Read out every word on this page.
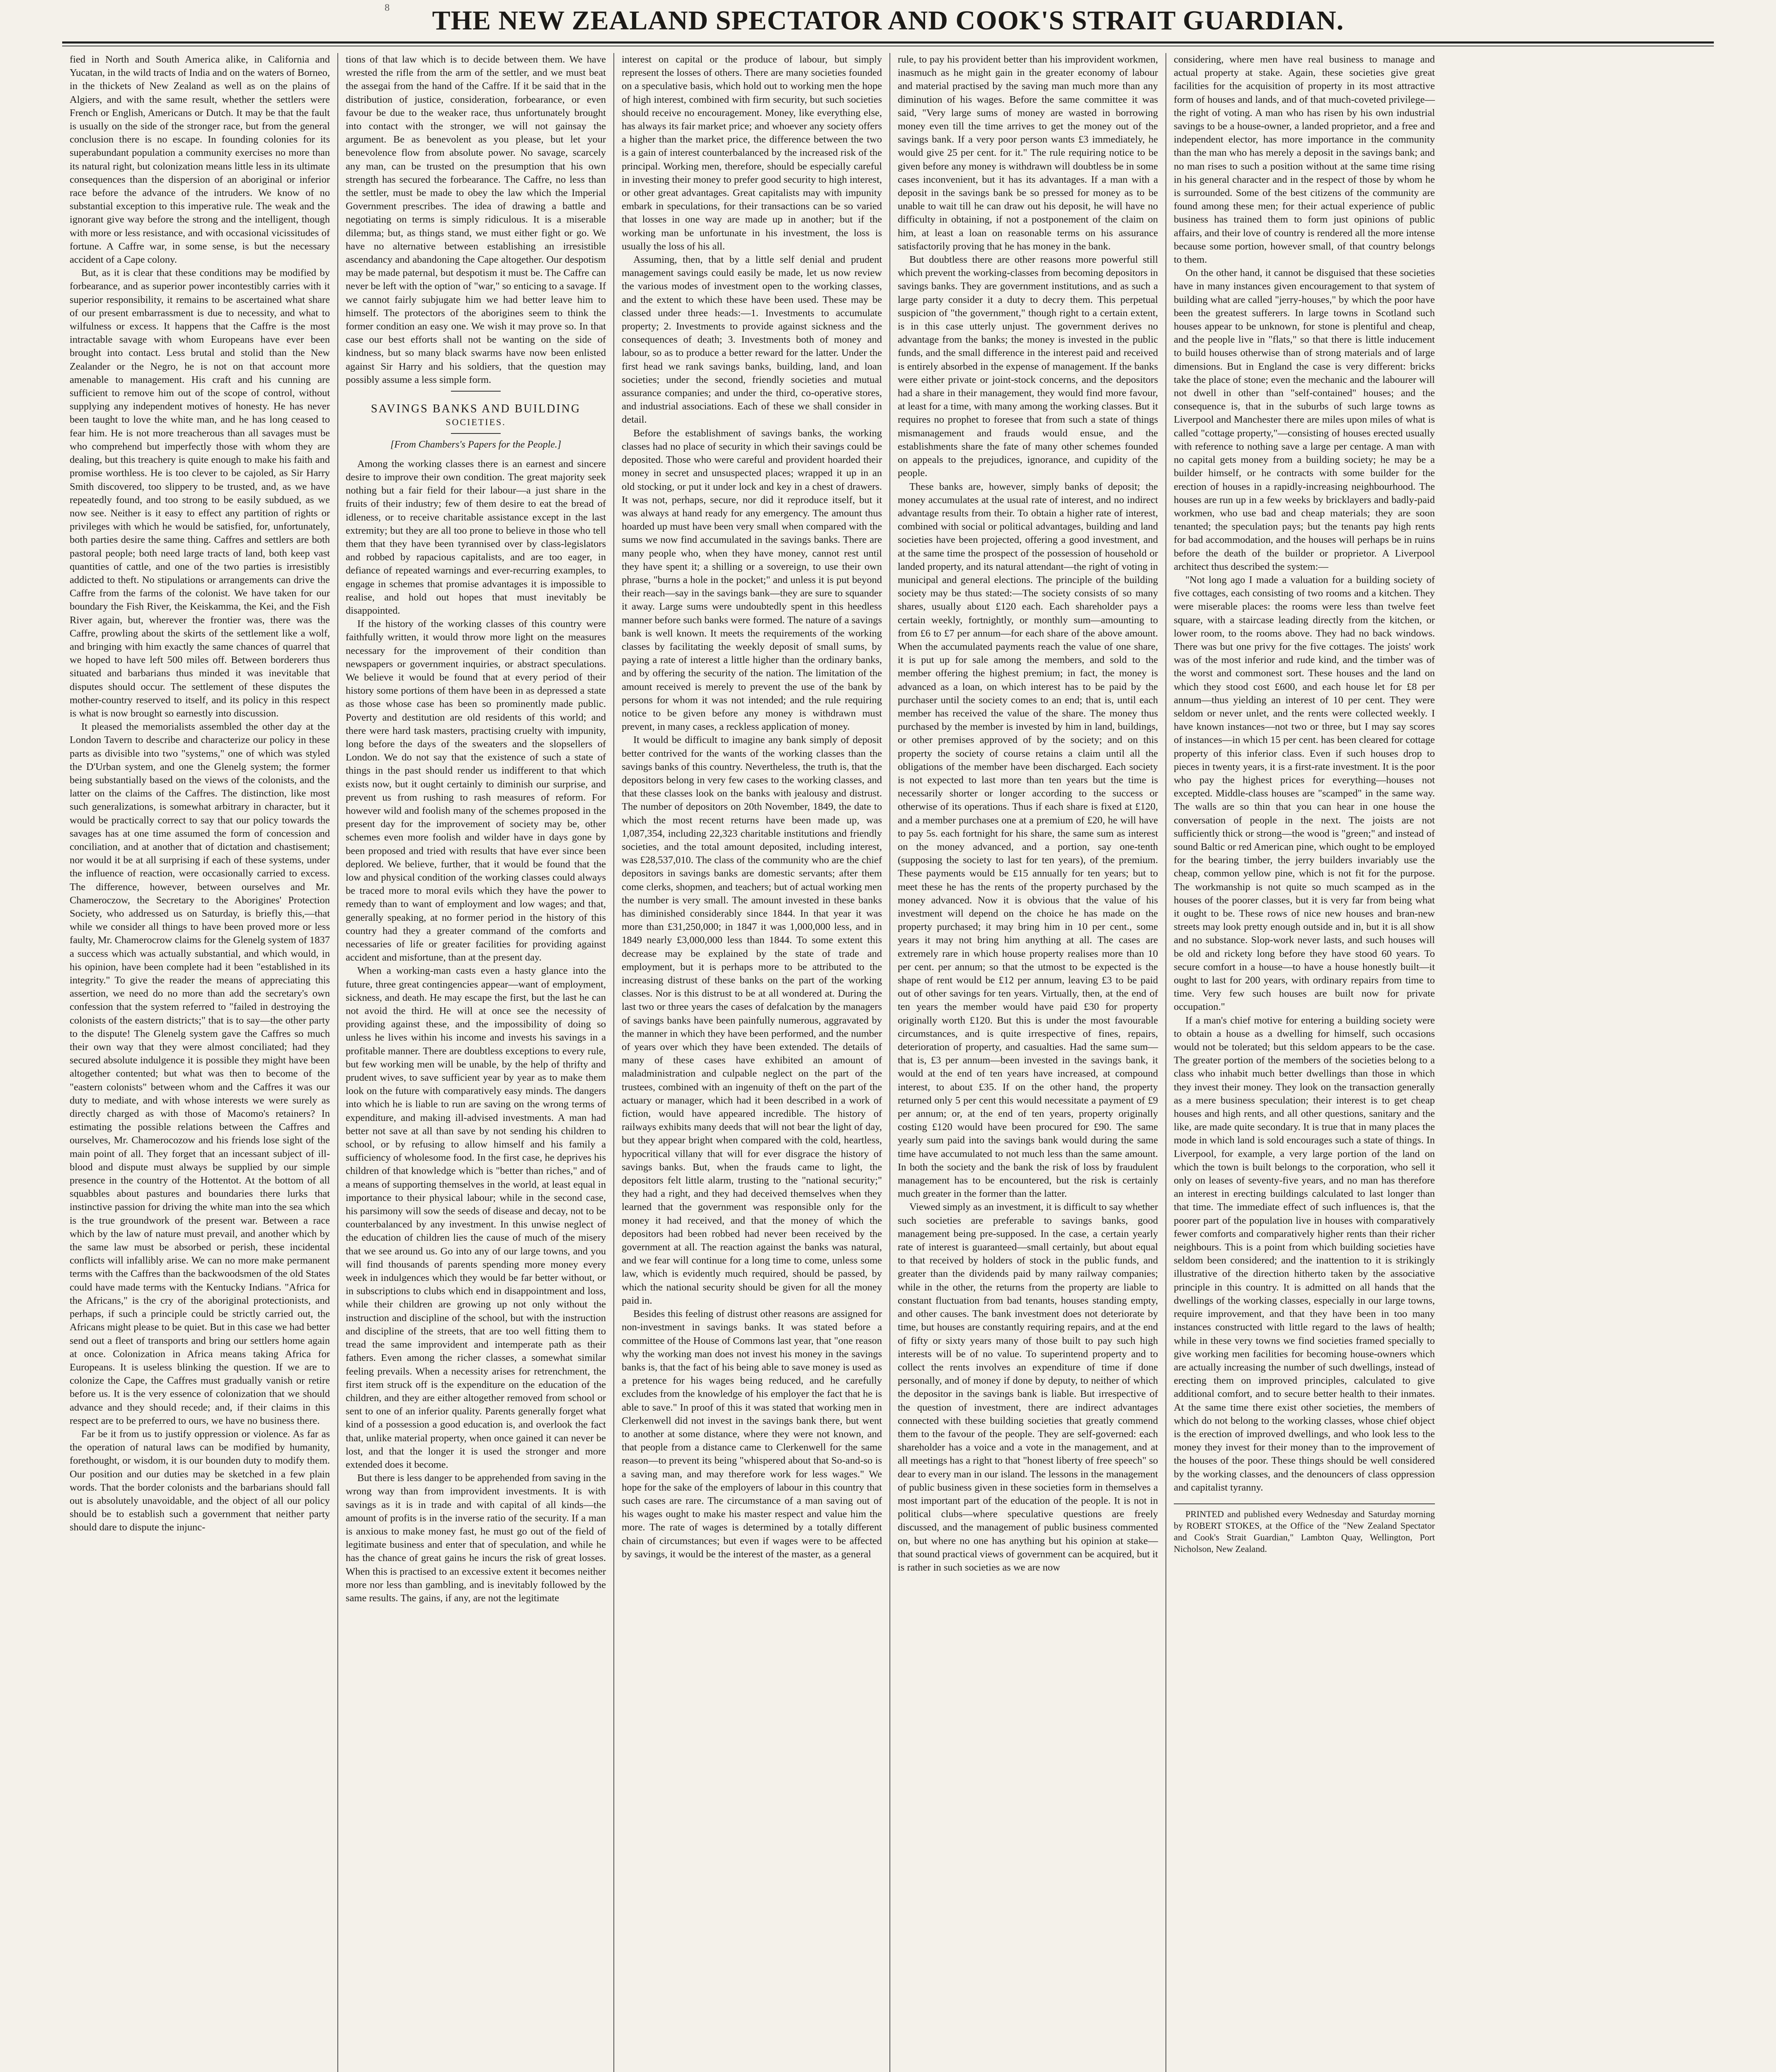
8	THE NEW ZEALAND SPECTATOR AND COOK'S STRAIT GUARDIAN.

fied in North and South America alike, in California and Yucatan, in the wild tracts of India and on the waters of Borneo, in the thickets of New Zealand as well as on the plains of Algiers, and with the same result, whether the settlers were French or English, Americans or Dutch. It may be that the fault is usually on the side of the stronger race, but from the general conclusion there is no escape. In founding colonies for its superabundant population a community exercises no more than its natural right, but colonization means little less in its ultimate consequences than the dispersion of an aboriginal or inferior race before the advance of the intruders. We know of no substantial exception to this imperative rule. The weak and the ignorant give way before the strong and the intelligent, though with more or less resistance, and with occasional vicissitudes of fortune. A Caffre war, in some sense, is but the necessary accident of a Cape colony.

But, as it is clear that these conditions may be modified by forbearance, and as superior power incontestibly carries with it superior responsibility, it remains to be ascertained what share of our present embarrassment is due to necessity, and what to wilfulness or excess. It happens that the Caffre is the most intractable savage with whom Europeans have ever been brought into contact. Less brutal and stolid than the New Zealander or the Negro, he is not on that account more amenable to management. His craft and his cunning are sufficient to remove him out of the scope of control, without supplying any independent motives of honesty. He has never been taught to love the white man, and he has long ceased to fear him. He is not more treacherous than all savages must be who comprehend but imperfectly those with whom they are dealing, but this treachery is quite enough to make his faith and promise worthless. He is too clever to be cajoled, as Sir Harry Smith discovered, too slippery to be trusted, and, as we have repeatedly found, and too strong to be easily subdued, as we now see. Neither is it easy to effect any partition of rights or privileges with which he would be satisfied, for, unfortunately, both parties desire the same thing. Caffres and settlers are both pastoral people; both need large tracts of land, both keep vast quantities of cattle, and one of the two parties is irresistibly addicted to theft. No stipulations or arrangements can drive the Caffre from the farms of the colonist. We have taken for our boundary the Fish River, the Keiskamma, the Kei, and the Fish River again, but, wherever the frontier was, there was the Caffre, prowling about the skirts of the settlement like a wolf, and bringing with him exactly the same chances of quarrel that we hoped to have left 500 miles off. Between borderers thus situated and barbarians thus minded it was inevitable that disputes should occur. The settlement of these disputes the mother-country reserved to itself, and its policy in this respect is what is now brought so earnestly into discussion.

It pleased the memorialists assembled the other day at the London Tavern to describe and characterize our policy in these parts as divisible into two "systems," one of which was styled the D'Urban system, and one the Glenelg system; the former being substantially based on the views of the colonists, and the latter on the claims of the Caffres. The distinction, like most such generalizations, is somewhat arbitrary in character, but it would be practically correct to say that our policy towards the savages has at one time assumed the form of concession and conciliation, and at another that of dictation and chastisement; nor would it be at all surprising if each of these systems, under the influence of reaction, were occasionally carried to excess. The difference, however, between ourselves and Mr. Chameroczow, the Secretary to the Aborigines' Protection Society, who addressed us on Saturday, is briefly this,—that while we consider all things to have been proved more or less faulty, Mr. Chamerocrow claims for the Glenelg system of 1837 a success which was actually substantial, and which would, in his opinion, have been complete had it been "established in its integrity." To give the reader the means of appreciating this assertion, we need do no more than add the secretary's own confession that the system referred to "failed in destroying the colonists of the eastern districts;" that is to say—the other party to the dispute! The Glenelg system gave the Caffres so much their own way that they were almost conciliated; had they secured absolute indulgence it is possible they might have been altogether contented; but what was then to become of the "eastern colonists" between whom and the Caffres it was our duty to mediate, and with whose interests we were surely as directly charged as with those of Macomo's retainers? In estimating the possible relations between the Caffres and ourselves, Mr. Chamerocozow and his friends lose sight of the main point of all. They forget that an incessant subject of ill-blood and dispute must always be supplied by our simple presence in the country of the Hottentot. At the bottom of all squabbles about pastures and boundaries there lurks that instinctive passion for driving the white man into the sea which is the true groundwork of the present war. Between a race which by the law of nature must prevail, and another which by the same law must be absorbed or perish, these incidental conflicts will infallibly arise. We can no more make permanent terms with the Caffres than the backwoodsmen of the old States could have made terms with the Kentucky Indians. "Africa for the Africans," is the cry of the aboriginal protectionists, and perhaps, if such a principle could be strictly carried out, the Africans might please to be quiet. But in this case we had better send out a fleet of transports and bring our settlers home again at once. Colonization in Africa means taking Africa for Europeans. It is useless blinking the question. If we are to colonize the Cape, the Caffres must gradually vanish or retire before us. It is the very essence of colonization that we should advance and they should recede; and, if their claims in this respect are to be preferred to ours, we have no business there.

Far be it from us to justify oppression or violence. As far as the operation of natural laws can be modified by humanity, forethought, or wisdom, it is our bounden duty to modify them. Our position and our duties may be sketched in a few plain words. That the border colonists and the barbarians should fall out is absolutely unavoidable, and the object of all our policy should be to establish such a government that neither party should dare to dispute the injunc-

tions of that law which is to decide between them. We have wrested the rifle from the arm of the settler, and we must beat the assegai from the hand of the Caffre. If it be said that in the distribution of justice, consideration, forbearance, or even favour be due to the weaker race, thus unfortunately brought into contact with the stronger, we will not gainsay the argument. Be as benevolent as you please, but let your benevolence flow from absolute power. No savage, scarcely any man, can be trusted on the presumption that his own strength has secured the forbearance. The Caffre, no less than the settler, must be made to obey the law which the Imperial Government prescribes. The idea of drawing a battle and negotiating on terms is simply ridiculous. It is a miserable dilemma; but, as things stand, we must either fight or go. We have no alternative between establishing an irresistible ascendancy and abandoning the Cape altogether. Our despotism may be made paternal, but despotism it must be. The Caffre can never be left with the option of "war," so enticing to a savage. If we cannot fairly subjugate him we had better leave him to himself. The protectors of the aborigines seem to think the former condition an easy one. We wish it may prove so. In that case our best efforts shall not be wanting on the side of kindness, but so many black swarms have now been enlisted against Sir Harry and his soldiers, that the question may possibly assume a less simple form.

SAVINGS BANKS AND BUILDING
SOCIETIES.
[From Chambers's Papers for the People.]

Among the working classes there is an earnest and sincere desire to improve their own condition. The great majority seek nothing but a fair field for their labour—a just share in the fruits of their industry; few of them desire to eat the bread of idleness, or to receive charitable assistance except in the last extremity; but they are all too prone to believe in those who tell them that they have been tyrannised over by class-legislators and robbed by rapacious capitalists, and are too eager, in defiance of repeated warnings and ever-recurring examples, to engage in schemes that promise advantages it is impossible to realise, and hold out hopes that must inevitably be disappointed.

If the history of the working classes of this country were faithfully written, it would throw more light on the measures necessary for the improvement of their condition than newspapers or government inquiries, or abstract speculations. We believe it would be found that at every period of their history some portions of them have been in as depressed a state as those whose case has been so prominently made public. Poverty and destitution are old residents of this world; and there were hard task masters, practising cruelty with impunity, long before the days of the sweaters and the slopsellers of London. We do not say that the existence of such a state of things in the past should render us indifferent to that which exists now, but it ought certainly to diminish our surprise, and prevent us from rushing to rash measures of reform. For however wild and foolish many of the schemes proposed in the present day for the improvement of society may be, other schemes even more foolish and wilder have in days gone by been proposed and tried with results that have ever since been deplored. We believe, further, that it would be found that the low and physical condition of the working classes could always be traced more to moral evils which they have the power to remedy than to want of employment and low wages; and that, generally speaking, at no former period in the history of this country had they a greater command of the comforts and necessaries of life or greater facilities for providing against accident and misfortune, than at the present day.

When a working-man casts even a hasty glance into the future, three great contingencies appear—want of employment, sickness, and death. He may escape the first, but the last he can not avoid the third. He will at once see the necessity of providing against these, and the impossibility of doing so unless he lives within his income and invests his savings in a profitable manner. There are doubtless exceptions to every rule, but few working men will be unable, by the help of thrifty and prudent wives, to save sufficient year by year as to make them look on the future with comparatively easy minds. The dangers into which he is liable to run are saving on the wrong terms of expenditure, and making ill-advised investments. A man had better not save at all than save by not sending his children to school, or by refusing to allow himself and his family a sufficiency of wholesome food. In the first case, he deprives his children of that knowledge which is "better than riches," and of a means of supporting themselves in the world, at least equal in importance to their physical labour; while in the second case, his parsimony will sow the seeds of disease and decay, not to be counterbalanced by any investment. In this unwise neglect of the education of children lies the cause of much of the misery that we see around us. Go into any of our large towns, and you will find thousands of parents spending more money every week in indulgences which they would be far better without, or in subscriptions to clubs which end in disappointment and loss, while their children are growing up not only without the instruction and discipline of the school, but with the instruction and discipline of the streets, that are too well fitting them to tread the same improvident and intemperate path as their fathers. Even among the richer classes, a somewhat similar feeling prevails. When a necessity arises for retrenchment, the first item struck off is the expenditure on the education of the children, and they are either altogether removed from school or sent to one of an inferior quality. Parents generally forget what kind of a possession a good education is, and overlook the fact that, unlike material property, when once gained it can never be lost, and that the longer it is used the stronger and more extended does it become.

But there is less danger to be apprehended from saving in the wrong way than from improvident investments. It is with savings as it is in trade and with capital of all kinds—the amount of profits is in the inverse ratio of the security. If a man is anxious to make money fast, he must go out of the field of legitimate business and enter that of speculation, and while he has the chance of great gains he incurs the risk of great losses. When this is practised to an excessive extent it becomes neither more nor less than gambling, and is inevitably followed by the same results. The gains, if any, are not the legitimate

interest on capital or the produce of labour, but simply represent the losses of others. There are many societies founded on a speculative basis, which hold out to working men the hope of high interest, combined with firm security, but such societies should receive no encouragement. Money, like everything else, has always its fair market price; and whoever any society offers a higher than the market price, the difference between the two is a gain of interest counterbalanced by the increased risk of the principal. Working men, therefore, should be especially careful in investing their money to prefer good security to high interest, or other great advantages. Great capitalists may with impunity embark in speculations, for their transactions can be so varied that losses in one way are made up in another; but if the working man be unfortunate in his investment, the loss is usually the loss of his all.

Assuming, then, that by a little self denial and prudent management savings could easily be made, let us now review the various modes of investment open to the working classes, and the extent to which these have been used. These may be classed under three heads:—1. Investments to accumulate property; 2. Investments to provide against sickness and the consequences of death; 3. Investments both of money and labour, so as to produce a better reward for the latter. Under the first head we rank savings banks, building, land, and loan societies; under the second, friendly societies and mutual assurance companies; and under the third, co-operative stores, and industrial associations. Each of these we shall consider in detail.

Before the establishment of savings banks, the working classes had no place of security in which their savings could be deposited. Those who were careful and provident hoarded their money in secret and unsuspected places; wrapped it up in an old stocking, or put it under lock and key in a chest of drawers. It was not, perhaps, secure, nor did it reproduce itself, but it was always at hand ready for any emergency. The amount thus hoarded up must have been very small when compared with the sums we now find accumulated in the savings banks. There are many people who, when they have money, cannot rest until they have spent it; a shilling or a sovereign, to use their own phrase, "burns a hole in the pocket;" and unless it is put beyond their reach—say in the savings bank—they are sure to squander it away. Large sums were undoubtedly spent in this heedless manner before such banks were formed. The nature of a savings bank is well known. It meets the requirements of the working classes by facilitating the weekly deposit of small sums, by paying a rate of interest a little higher than the ordinary banks, and by offering the security of the nation. The limitation of the amount received is merely to prevent the use of the bank by persons for whom it was not intended; and the rule requiring notice to be given before any money is withdrawn must prevent, in many cases, a reckless application of money.

It would be difficult to imagine any bank simply of deposit better contrived for the wants of the working classes than the savings banks of this country. Nevertheless, the truth is, that the depositors belong in very few cases to the working classes, and that these classes look on the banks with jealousy and distrust. The number of depositors on 20th November, 1849, the date to which the most recent returns have been made up, was 1,087,354, including 22,323 charitable institutions and friendly societies, and the total amount deposited, including interest, was £28,537,010. The class of the community who are the chief depositors in savings banks are domestic servants; after them come clerks, shopmen, and teachers; but of actual working men the number is very small. The amount invested in these banks has diminished considerably since 1844. In that year it was more than £31,250,000; in 1847 it was 1,000,000 less, and in 1849 nearly £3,000,000 less than 1844. To some extent this decrease may be explained by the state of trade and employment, but it is perhaps more to be attributed to the increasing distrust of these banks on the part of the working classes. Nor is this distrust to be at all wondered at. During the last two or three years the cases of defalcation by the managers of savings banks have been painfully numerous, aggravated by the manner in which they have been performed, and the number of years over which they have been extended. The details of many of these cases have exhibited an amount of maladministration and culpable neglect on the part of the trustees, combined with an ingenuity of theft on the part of the actuary or manager, which had it been described in a work of fiction, would have appeared incredible. The history of railways exhibits many deeds that will not bear the light of day, but they appear bright when compared with the cold, heartless, hypocritical villany that will for ever disgrace the history of savings banks. But, when the frauds came to light, the depositors felt little alarm, trusting to the "national security;" they had a right, and they had deceived themselves when they learned that the government was responsible only for the money it had received, and that the money of which the depositors had been robbed had never been received by the government at all. The reaction against the banks was natural, and we fear will continue for a long time to come, unless some law, which is evidently much required, should be passed, by which the national security should be given for all the money paid in.

Besides this feeling of distrust other reasons are assigned for non-investment in savings banks. It was stated before a committee of the House of Commons last year, that "one reason why the working man does not invest his money in the savings banks is, that the fact of his being able to save money is used as a pretence for his wages being reduced, and he carefully excludes from the knowledge of his employer the fact that he is able to save." In proof of this it was stated that working men in Clerkenwell did not invest in the savings bank there, but went to another at some distance, where they were not known, and that people from a distance came to Clerkenwell for the same reason—to prevent its being "whispered about that So-and-so is a saving man, and may therefore work for less wages." We hope for the sake of the employers of labour in this country that such cases are rare. The circumstance of a man saving out of his wages ought to make his master respect and value him the more. The rate of wages is determined by a totally different chain of circumstances; but even if wages were to be affected by savings, it would be the interest of the master, as a general

rule, to pay his provident better than his improvident workmen, inasmuch as he might gain in the greater economy of labour and material practised by the saving man much more than any diminution of his wages. Before the same committee it was said, "Very large sums of money are wasted in borrowing money even till the time arrives to get the money out of the savings bank. If a very poor person wants £3 immediately, he would give 25 per cent. for it." The rule requiring notice to be given before any money is withdrawn will doubtless be in some cases inconvenient, but it has its advantages. If a man with a deposit in the savings bank be so pressed for money as to be unable to wait till he can draw out his deposit, he will have no difficulty in obtaining, if not a postponement of the claim on him, at least a loan on reasonable terms on his assurance satisfactorily proving that he has money in the bank.

But doubtless there are other reasons more powerful still which prevent the working-classes from becoming depositors in savings banks. They are government institutions, and as such a large party consider it a duty to decry them. This perpetual suspicion of "the government," though right to a certain extent, is in this case utterly unjust. The government derives no advantage from the banks; the money is invested in the public funds, and the small difference in the interest paid and received is entirely absorbed in the expense of management. If the banks were either private or joint-stock concerns, and the depositors had a share in their management, they would find more favour, at least for a time, with many among the working classes. But it requires no prophet to foresee that from such a state of things mismanagement and frauds would ensue, and the establishments share the fate of many other schemes founded on appeals to the prejudices, ignorance, and cupidity of the people.

These banks are, however, simply banks of deposit; the money accumulates at the usual rate of interest, and no indirect advantage results from their. To obtain a higher rate of interest, combined with social or political advantages, building and land societies have been projected, offering a good investment, and at the same time the prospect of the possession of household or landed property, and its natural attendant—the right of voting in municipal and general elections. The principle of the building society may be thus stated:—The society consists of so many shares, usually about £120 each. Each shareholder pays a certain weekly, fortnightly, or monthly sum—amounting to from £6 to £7 per annum—for each share of the above amount. When the accumulated payments reach the value of one share, it is put up for sale among the members, and sold to the member offering the highest premium; in fact, the money is advanced as a loan, on which interest has to be paid by the purchaser until the society comes to an end; that is, until each member has received the value of the share. The money thus purchased by the member is invested by him in land, buildings, or other premises approved of by the society; and on this property the society of course retains a claim until all the obligations of the member have been discharged. Each society is not expected to last more than ten years but the time is necessarily shorter or longer according to the success or otherwise of its operations. Thus if each share is fixed at £120, and a member purchases one at a premium of £20, he will have to pay 5s. each fortnight for his share, the same sum as interest on the money advanced, and a portion, say one-tenth (supposing the society to last for ten years), of the premium. These payments would be £15 annually for ten years; but to meet these he has the rents of the property purchased by the money advanced. Now it is obvious that the value of his investment will depend on the choice he has made on the property purchased; it may bring him in 10 per cent., some years it may not bring him anything at all. The cases are extremely rare in which house property realises more than 10 per cent. per annum; so that the utmost to be expected is the shape of rent would be £12 per annum, leaving £3 to be paid out of other savings for ten years. Virtually, then, at the end of ten years the member would have paid £30 for property originally worth £120. But this is under the most favourable circumstances, and is quite irrespective of fines, repairs, deterioration of property, and casualties. Had the same sum—that is, £3 per annum—been invested in the savings bank, it would at the end of ten years have increased, at compound interest, to about £35. If on the other hand, the property returned only 5 per cent this would necessitate a payment of £9 per annum; or, at the end of ten years, property originally costing £120 would have been procured for £90. The same yearly sum paid into the savings bank would during the same time have accumulated to not much less than the same amount. In both the society and the bank the risk of loss by fraudulent management has to be encountered, but the risk is certainly much greater in the former than the latter.

Viewed simply as an investment, it is difficult to say whether such societies are preferable to savings banks, good management being pre-supposed. In the case, a certain yearly rate of interest is guaranteed—small certainly, but about equal to that received by holders of stock in the public funds, and greater than the dividends paid by many railway companies; while in the other, the returns from the property are liable to constant fluctuation from bad tenants, houses standing empty, and other causes. The bank investment does not deteriorate by time, but houses are constantly requiring repairs, and at the end of fifty or sixty years many of those built to pay such high interests will be of no value. To superintend property and to collect the rents involves an expenditure of time if done personally, and of money if done by deputy, to neither of which the depositor in the savings bank is liable. But irrespective of the question of investment, there are indirect advantages connected with these building societies that greatly commend them to the favour of the people. They are self-governed: each shareholder has a voice and a vote in the management, and at all meetings has a right to that "honest liberty of free speech" so dear to every man in our island. The lessons in the management of public business given in these societies form in themselves a most important part of the education of the people. It is not in political clubs—where speculative questions are freely discussed, and the management of public business commented on, but where no one has anything but his opinion at stake—that sound practical views of government can be acquired, but it is rather in such societies as we are now

considering, where men have real business to manage and actual property at stake. Again, these societies give great facilities for the acquisition of property in its most attractive form of houses and lands, and of that much-coveted privilege—the right of voting. A man who has risen by his own industrial savings to be a house-owner, a landed proprietor, and a free and independent elector, has more importance in the community than the man who has merely a deposit in the savings bank; and no man rises to such a position without at the same time rising in his general character and in the respect of those by whom he is surrounded. Some of the best citizens of the community are found among these men; for their actual experience of public business has trained them to form just opinions of public affairs, and their love of country is rendered all the more intense because some portion, however small, of that country belongs to them.

On the other hand, it cannot be disguised that these societies have in many instances given encouragement to that system of building what are called "jerry-houses," by which the poor have been the greatest sufferers. In large towns in Scotland such houses appear to be unknown, for stone is plentiful and cheap, and the people live in "flats," so that there is little inducement to build houses otherwise than of strong materials and of large dimensions. But in England the case is very different: bricks take the place of stone; even the mechanic and the labourer will not dwell in other than "self-contained" houses; and the consequence is, that in the suburbs of such large towns as Liverpool and Manchester there are miles upon miles of what is called "cottage property,"—consisting of houses erected usually with reference to nothing save a large per centage. A man with no capital gets money from a building society; he may be a builder himself, or he contracts with some builder for the erection of houses in a rapidly-increasing neighbourhood. The houses are run up in a few weeks by bricklayers and badly-paid workmen, who use bad and cheap materials; they are soon tenanted; the speculation pays; but the tenants pay high rents for bad accommodation, and the houses will perhaps be in ruins before the death of the builder or proprietor. A Liverpool architect thus described the system:—

"Not long ago I made a valuation for a building society of five cottages, each consisting of two rooms and a kitchen. They were miserable places: the rooms were less than twelve feet square, with a staircase leading directly from the kitchen, or lower room, to the rooms above. They had no back windows. There was but one privy for the five cottages. The joists' work was of the most inferior and rude kind, and the timber was of the worst and commonest sort. These houses and the land on which they stood cost £600, and each house let for £8 per annum—thus yielding an interest of 10 per cent. They were seldom or never unlet, and the rents were collected weekly. I have known instances—not two or three, but I may say scores of instances—in which 15 per cent. has been cleared for cottage property of this inferior class. Even if such houses drop to pieces in twenty years, it is a first-rate investment. It is the poor who pay the highest prices for everything—houses not excepted. Middle-class houses are "scamped" in the same way. The walls are so thin that you can hear in one house the conversation of people in the next. The joists are not sufficiently thick or strong—the wood is "green;" and instead of sound Baltic or red American pine, which ought to be employed for the bearing timber, the jerry builders invariably use the cheap, common yellow pine, which is not fit for the purpose. The workmanship is not quite so much scamped as in the houses of the poorer classes, but it is very far from being what it ought to be. These rows of nice new houses and bran-new streets may look pretty enough outside and in, but it is all show and no substance. Slop-work never lasts, and such houses will be old and rickety long before they have stood 60 years. To secure comfort in a house—to have a house honestly built—it ought to last for 200 years, with ordinary repairs from time to time. Very few such houses are built now for private occupation."

If a man's chief motive for entering a building society were to obtain a house as a dwelling for himself, such occasions would not be tolerated; but this seldom appears to be the case. The greater portion of the members of the societies belong to a class who inhabit much better dwellings than those in which they invest their money. They look on the transaction generally as a mere business speculation; their interest is to get cheap houses and high rents, and all other questions, sanitary and the like, are made quite secondary. It is true that in many places the mode in which land is sold encourages such a state of things. In Liverpool, for example, a very large portion of the land on which the town is built belongs to the corporation, who sell it only on leases of seventy-five years, and no man has therefore an interest in erecting buildings calculated to last longer than that time. The immediate effect of such influences is, that the poorer part of the population live in houses with comparatively fewer comforts and comparatively higher rents than their richer neighbours. This is a point from which building societies have seldom been considered; and the inattention to it is strikingly illustrative of the direction hitherto taken by the associative principle in this country. It is admitted on all hands that the dwellings of the working classes, especially in our large towns, require improvement, and that they have been in too many instances constructed with little regard to the laws of health; while in these very towns we find societies framed specially to give working men facilities for becoming house-owners which are actually increasing the number of such dwellings, instead of erecting them on improved principles, calculated to give additional comfort, and to secure better health to their inmates. At the same time there exist other societies, the members of which do not belong to the working classes, whose chief object is the erection of improved dwellings, and who look less to the money they invest for their money than to the improvement of the houses of the poor. These things should be well considered by the working classes, and the denouncers of class oppression and capitalist tyranny.

PRINTED and published every Wednesday and Saturday morning by ROBERT STOKES, at the Office of the "New Zealand Spectator and Cook's Strait Guardian," Lambton Quay, Wellington, Port Nicholson, New Zealand.
